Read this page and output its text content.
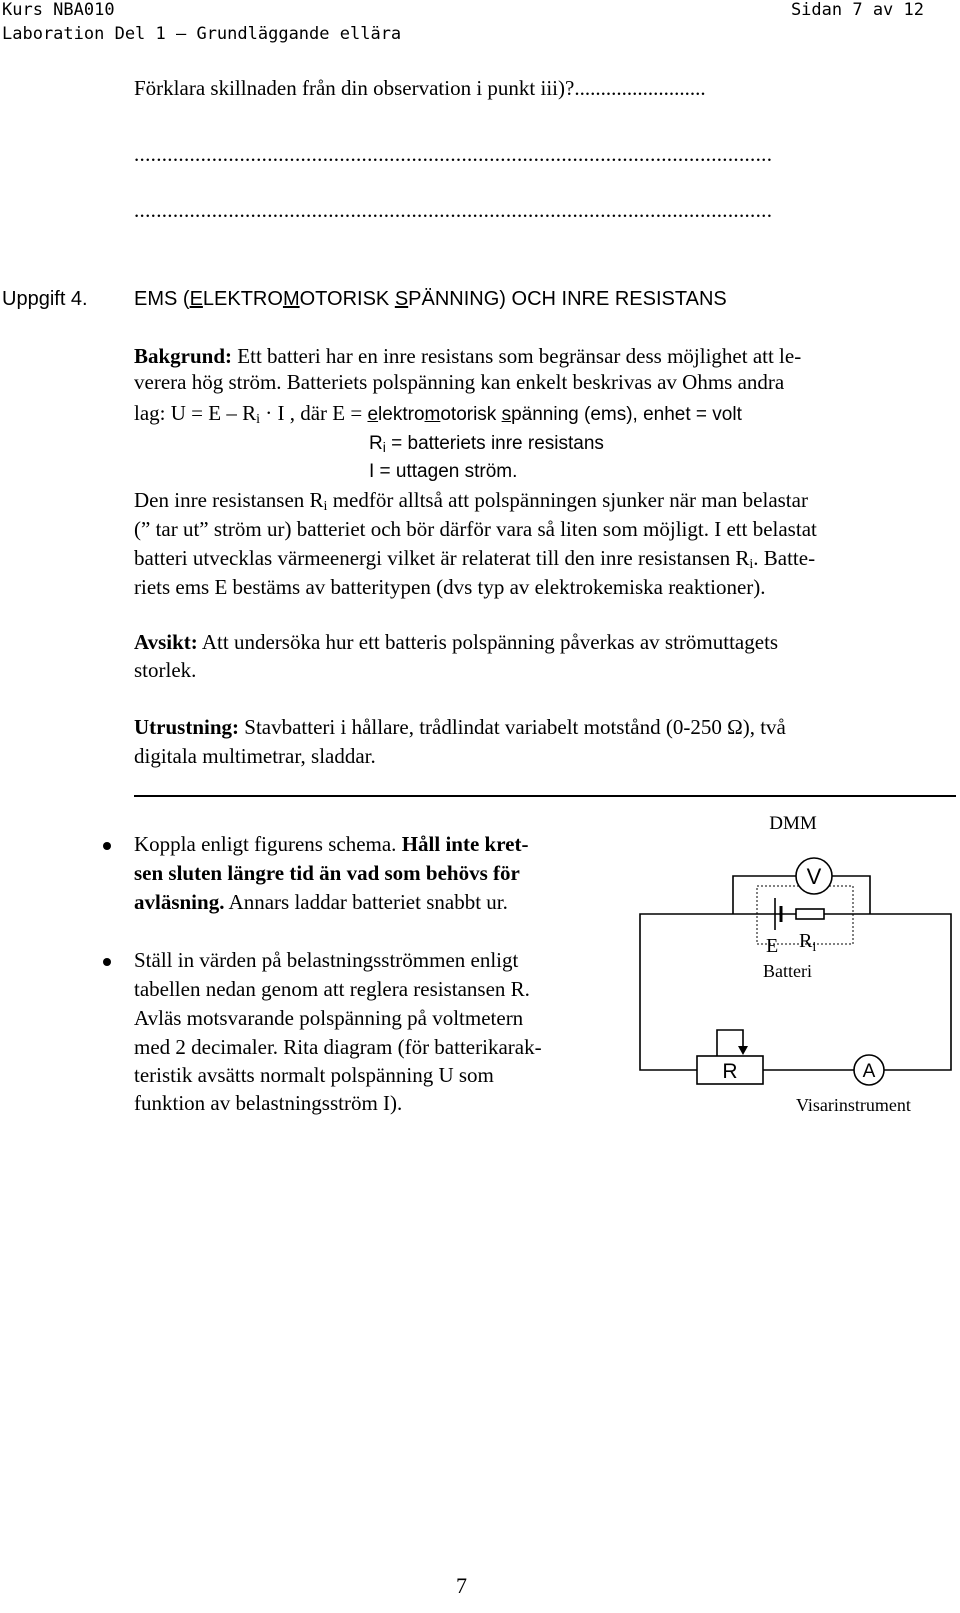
Kurs NBA010
Laboration Del 1 – Grundläggande ellära
Sidan 7 av 12
Förklara skillnaden från din observation i punkt iii)?.........................
...................................................................................................................
...................................................................................................................
Uppgift 4. EMS (ELEKTROMOTORISK SPÄNNING) OCH INRE RESISTANS
Bakgrund: Ett batteri har en inre resistans som begränsar dess möjlighet att le-
verera hög ström. Batteriets polspänning kan enkelt beskrivas av Ohms andra
lag: $U = E - R_i \cdot I$ , där E = elektromotorisk spänning (ems), enhet = volt
$R_i$ = batteriets inre resistans
I = uttagen ström.
Den inre resistansen $R_i$ medför alltså att polspänningen sjunker när man belastar
(” tar ut” ström ur) batteriet och bör därför vara så liten som möjligt. I ett belastat
batteri utvecklas värmeenergi vilket är relaterat till den inre resistansen $R_i$. Batte-
riets ems E bestäms av batteritypen (dvs typ av elektrokemiska reaktioner).
Avsikt: Att undersöka hur ett batteris polspänning påverkas av strömuttagets
storlek.
Utrustning: Stavbatteri i hållare, trådlindat variabelt motstånd (0-250 Ω), två
digitala multimetrar, sladdar.
Koppla enligt figurens schema. Håll inte kret-
sen sluten längre tid än vad som behövs för
avläsning. Annars laddar batteriet snabbt ur.
Ställ in värden på belastningsströmmen enligt
tabellen nedan genom att reglera resistansen R.
Avläs motsvarande polspänning på voltmetern
med 2 decimaler. Rita diagram (för batterikarak-
teristik avsätts normalt polspänning U som
funktion av belastningsström I).
DMM
V
E $R_i$
Batteri
R	A
Visarinstrument
7
